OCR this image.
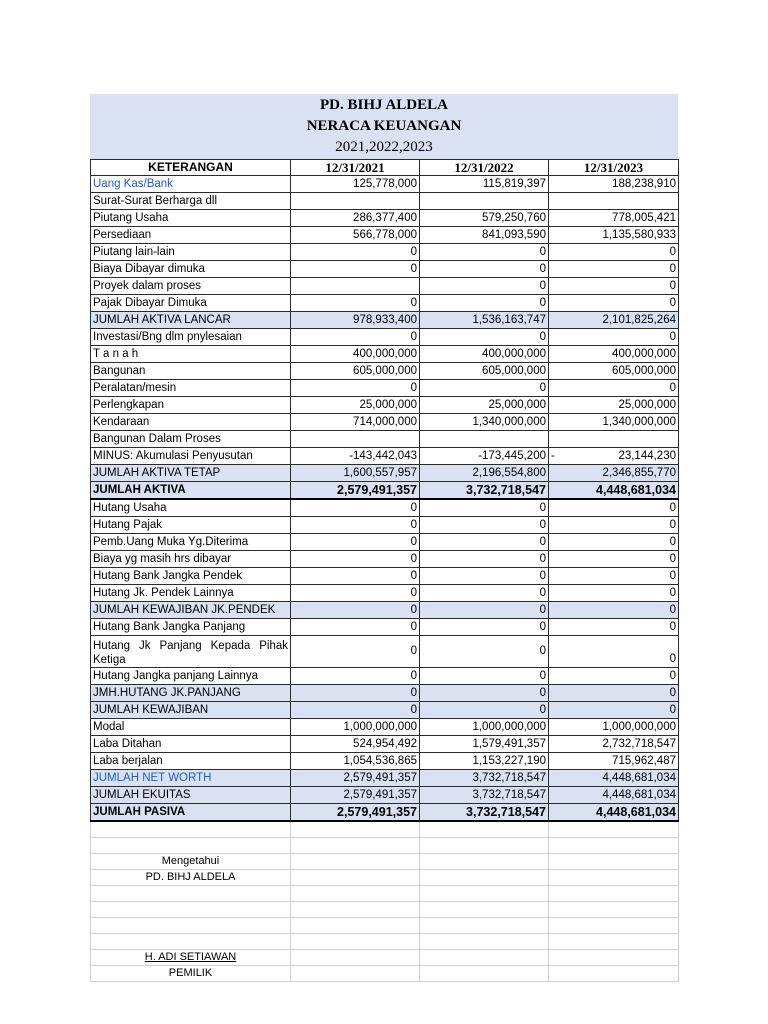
PD. BIHJ ALDELA
NERACA KEUANGAN
2021,2022,2023
KETERANGAN	12/31/2021	12/31/2022	12/31/2023
Uang Kas/Bank	125,778,000	115,819,397	188,238,910
Surat-Surat Berharga dll			
Piutang Usaha	286,377,400	579,250,760	778,005,421
Persediaan	566,778,000	841,093,590	1,135,580,933
Piutang lain-lain	0	0	0
Biaya Dibayar dimuka	0	0	0
Proyek dalam proses		0	0
Pajak Dibayar Dimuka	0	0	0
JUMLAH AKTIVA LANCAR	978,933,400	1,536,163,747	2,101,825,264
Investasi/Bng dlm pnylesaian	0	0	0
T a n a h	400,000,000	400,000,000	400,000,000
Bangunan	605,000,000	605,000,000	605,000,000
Peralatan/mesin	0	0	0
Perlengkapan	25,000,000	25,000,000	25,000,000
Kendaraan	714,000,000	1,340,000,000	1,340,000,000
Bangunan Dalam Proses			
MINUS: Akumulasi Penyusutan	-143,442,043	-173,445,200	- 23,144,230
JUMLAH AKTIVA TETAP	1,600,557,957	2,196,554,800	2,346,855,770
JUMLAH AKTIVA	2,579,491,357	3,732,718,547	4,448,681,034
Hutang Usaha	0	0	0
Hutang Pajak	0	0	0
Pemb.Uang Muka Yg.Diterima	0	0	0
Biaya yg masih hrs dibayar	0	0	0
Hutang Bank Jangka Pendek	0	0	0
Hutang Jk. Pendek Lainnya	0	0	0
JUMLAH KEWAJIBAN JK.PENDEK	0	0	0
Hutang Bank Jangka Panjang	0	0	0

Hutang Jk Panjang Kepada Pihak
Ketiga	0	0	0
Hutang Jangka panjang Lainnya	0	0	0
JMH.HUTANG JK.PANJANG	0	0	0
JUMLAH KEWAJIBAN	0	0	0
Modal	1,000,000,000	1,000,000,000	1,000,000,000
Laba Ditahan	524,954,492	1,579,491,357	2,732,718,547
Laba berjalan	1,054,536,865	1,153,227,190	715,962,487
JUMLAH NET WORTH	2,579,491,357	3,732,718,547	4,448,681,034
JUMLAH EKUITAS	2,579,491,357	3,732,718,547	4,448,681,034
JUMLAH PASIVA	2,579,491,357	3,732,718,547	4,448,681,034

Mengetahui			
PD. BIHJ ALDELA			

H. ADI SETIAWAN			
PEMILIK			
